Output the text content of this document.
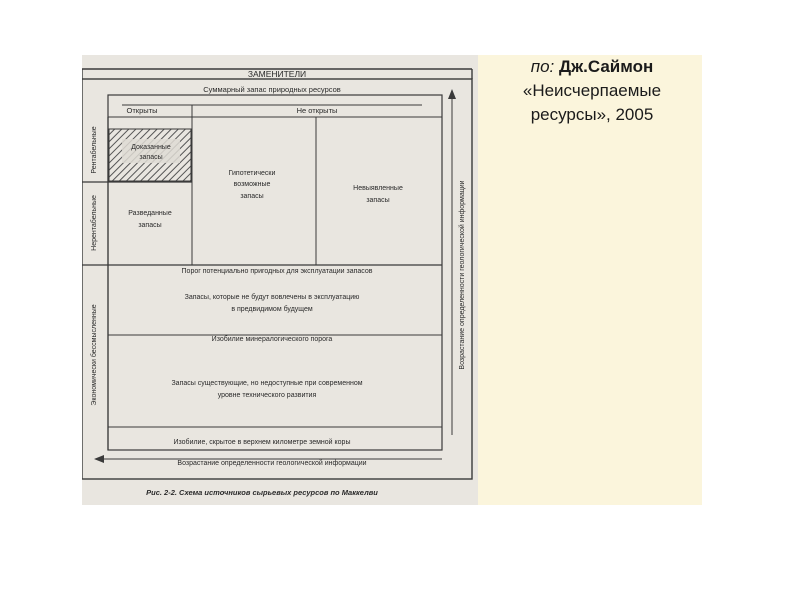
ЗАМЕНИТЕЛИ
Суммарный запас природных ресурсов
Открыты	Не открыты
Доказанные
запасы
Разведанные
запасы
Гипотетически
возможные
запасы
Невыявленные
запасы
Порог потенциально пригодных для эксплуатации запасов
Запасы, которые не будут вовлечены в эксплуатацию
в предвидимом будущем
Изобилие минералогического порога
Запасы существующие, но недоступные при современном
уровне технического развития
Изобилие, скрытое в верхнем километре земной коры
Возрастание определенности геологической информации
Рентабельные
Нерентабельные
Экономически бессмысленные	Возрастание определенности геологической информации
Рис. 2-2. Схема источников сырьевых ресурсов по Маккелви
по: Дж.Саймон
«Неисчерпаемые
ресурсы», 2005
